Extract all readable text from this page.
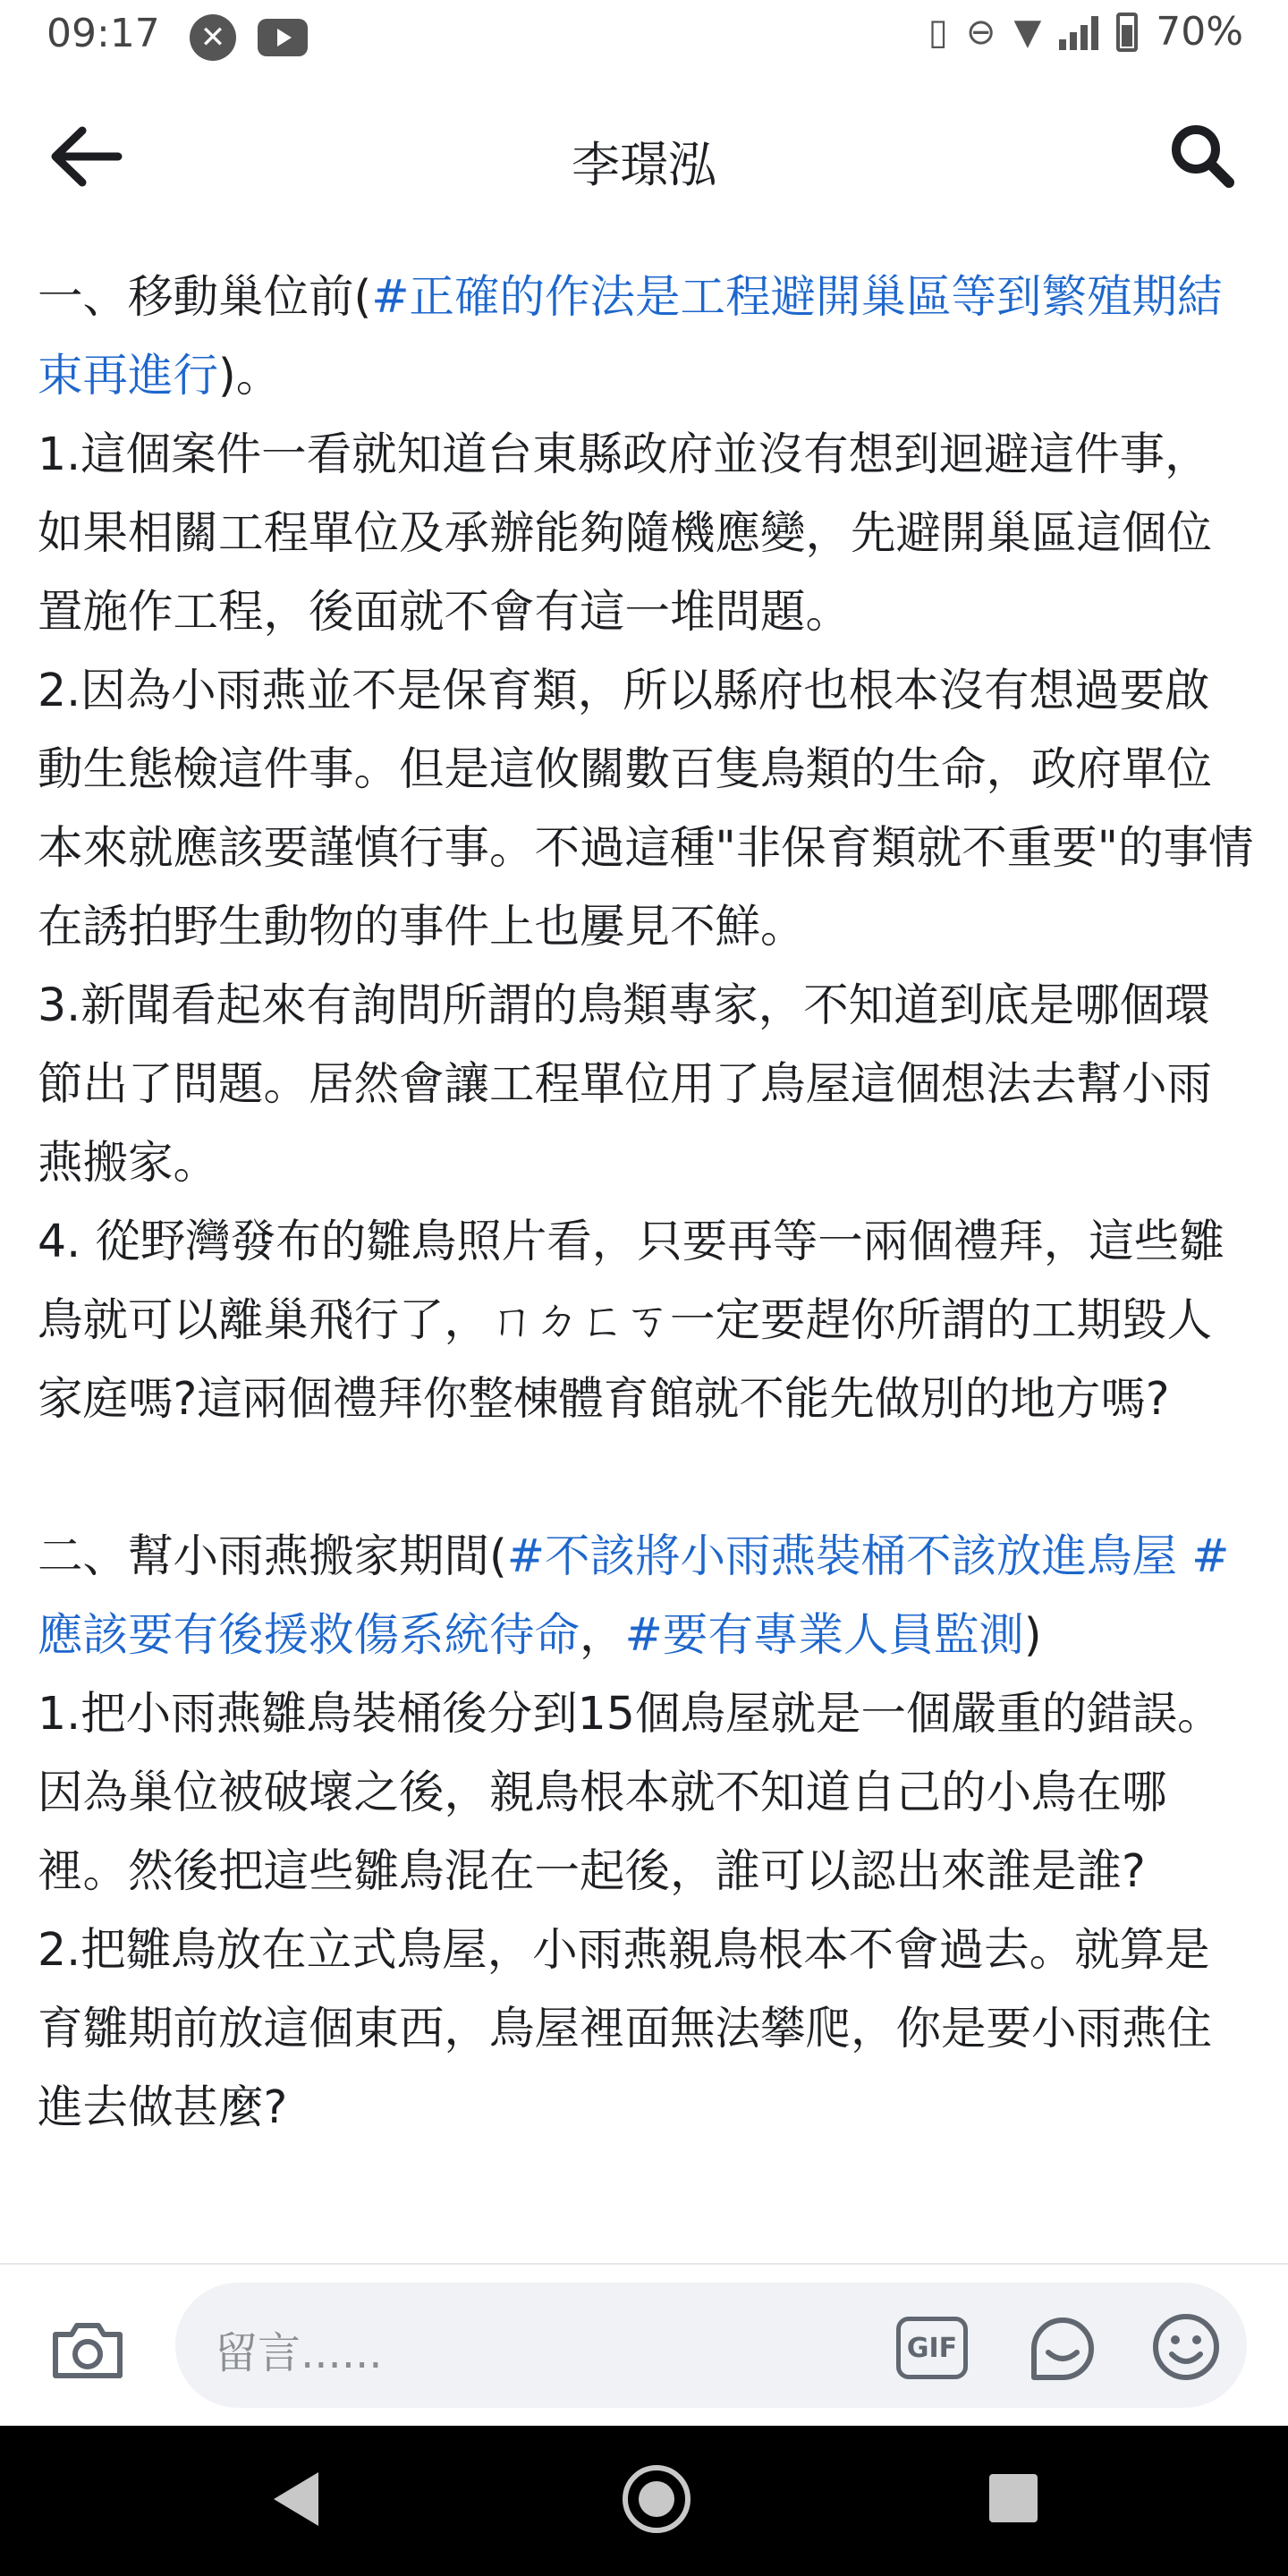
09:17	✕	▯ ⊖ ▼	70%
李璟泓

一、移動巢位前(#正確的作法是工程避開巢區等到繁殖期結束再進行)。

1.這個案件一看就知道台東縣政府並沒有想到迴避這件事，如果相關工程單位及承辦能夠隨機應變，先避開巢區這個位置施作工程，後面就不會有這一堆問題。

2.因為小雨燕並不是保育類，所以縣府也根本沒有想過要啟動生態檢這件事。但是這攸關數百隻鳥類的生命，政府單位本來就應該要謹慎行事。不過這種"非保育類就不重要"的事情在誘拍野生動物的事件上也屢見不鮮。

3.新聞看起來有詢問所謂的鳥類專家，不知道到底是哪個環節出了問題。居然會讓工程單位用了鳥屋這個想法去幫小雨燕搬家。

4. 從野灣發布的雛鳥照片看，只要再等一兩個禮拜，這些雛鳥就可以離巢飛行了，ㄇㄉㄈㄎ一定要趕你所謂的工期毀人家庭嗎?這兩個禮拜你整棟體育館就不能先做別的地方嗎?

二、幫小雨燕搬家期間(#不該將小雨燕裝桶不該放進鳥屋 #應該要有後援救傷系統待命，#要有專業人員監測)

1.把小雨燕雛鳥裝桶後分到15個鳥屋就是一個嚴重的錯誤。因為巢位被破壞之後，親鳥根本就不知道自己的小鳥在哪裡。然後把這些雛鳥混在一起後，誰可以認出來誰是誰?

2.把雛鳥放在立式鳥屋，小雨燕親鳥根本不會過去。就算是育雛期前放這個東西，鳥屋裡面無法攀爬，你是要小雨燕住進去做甚麼?

留言......	GIF
